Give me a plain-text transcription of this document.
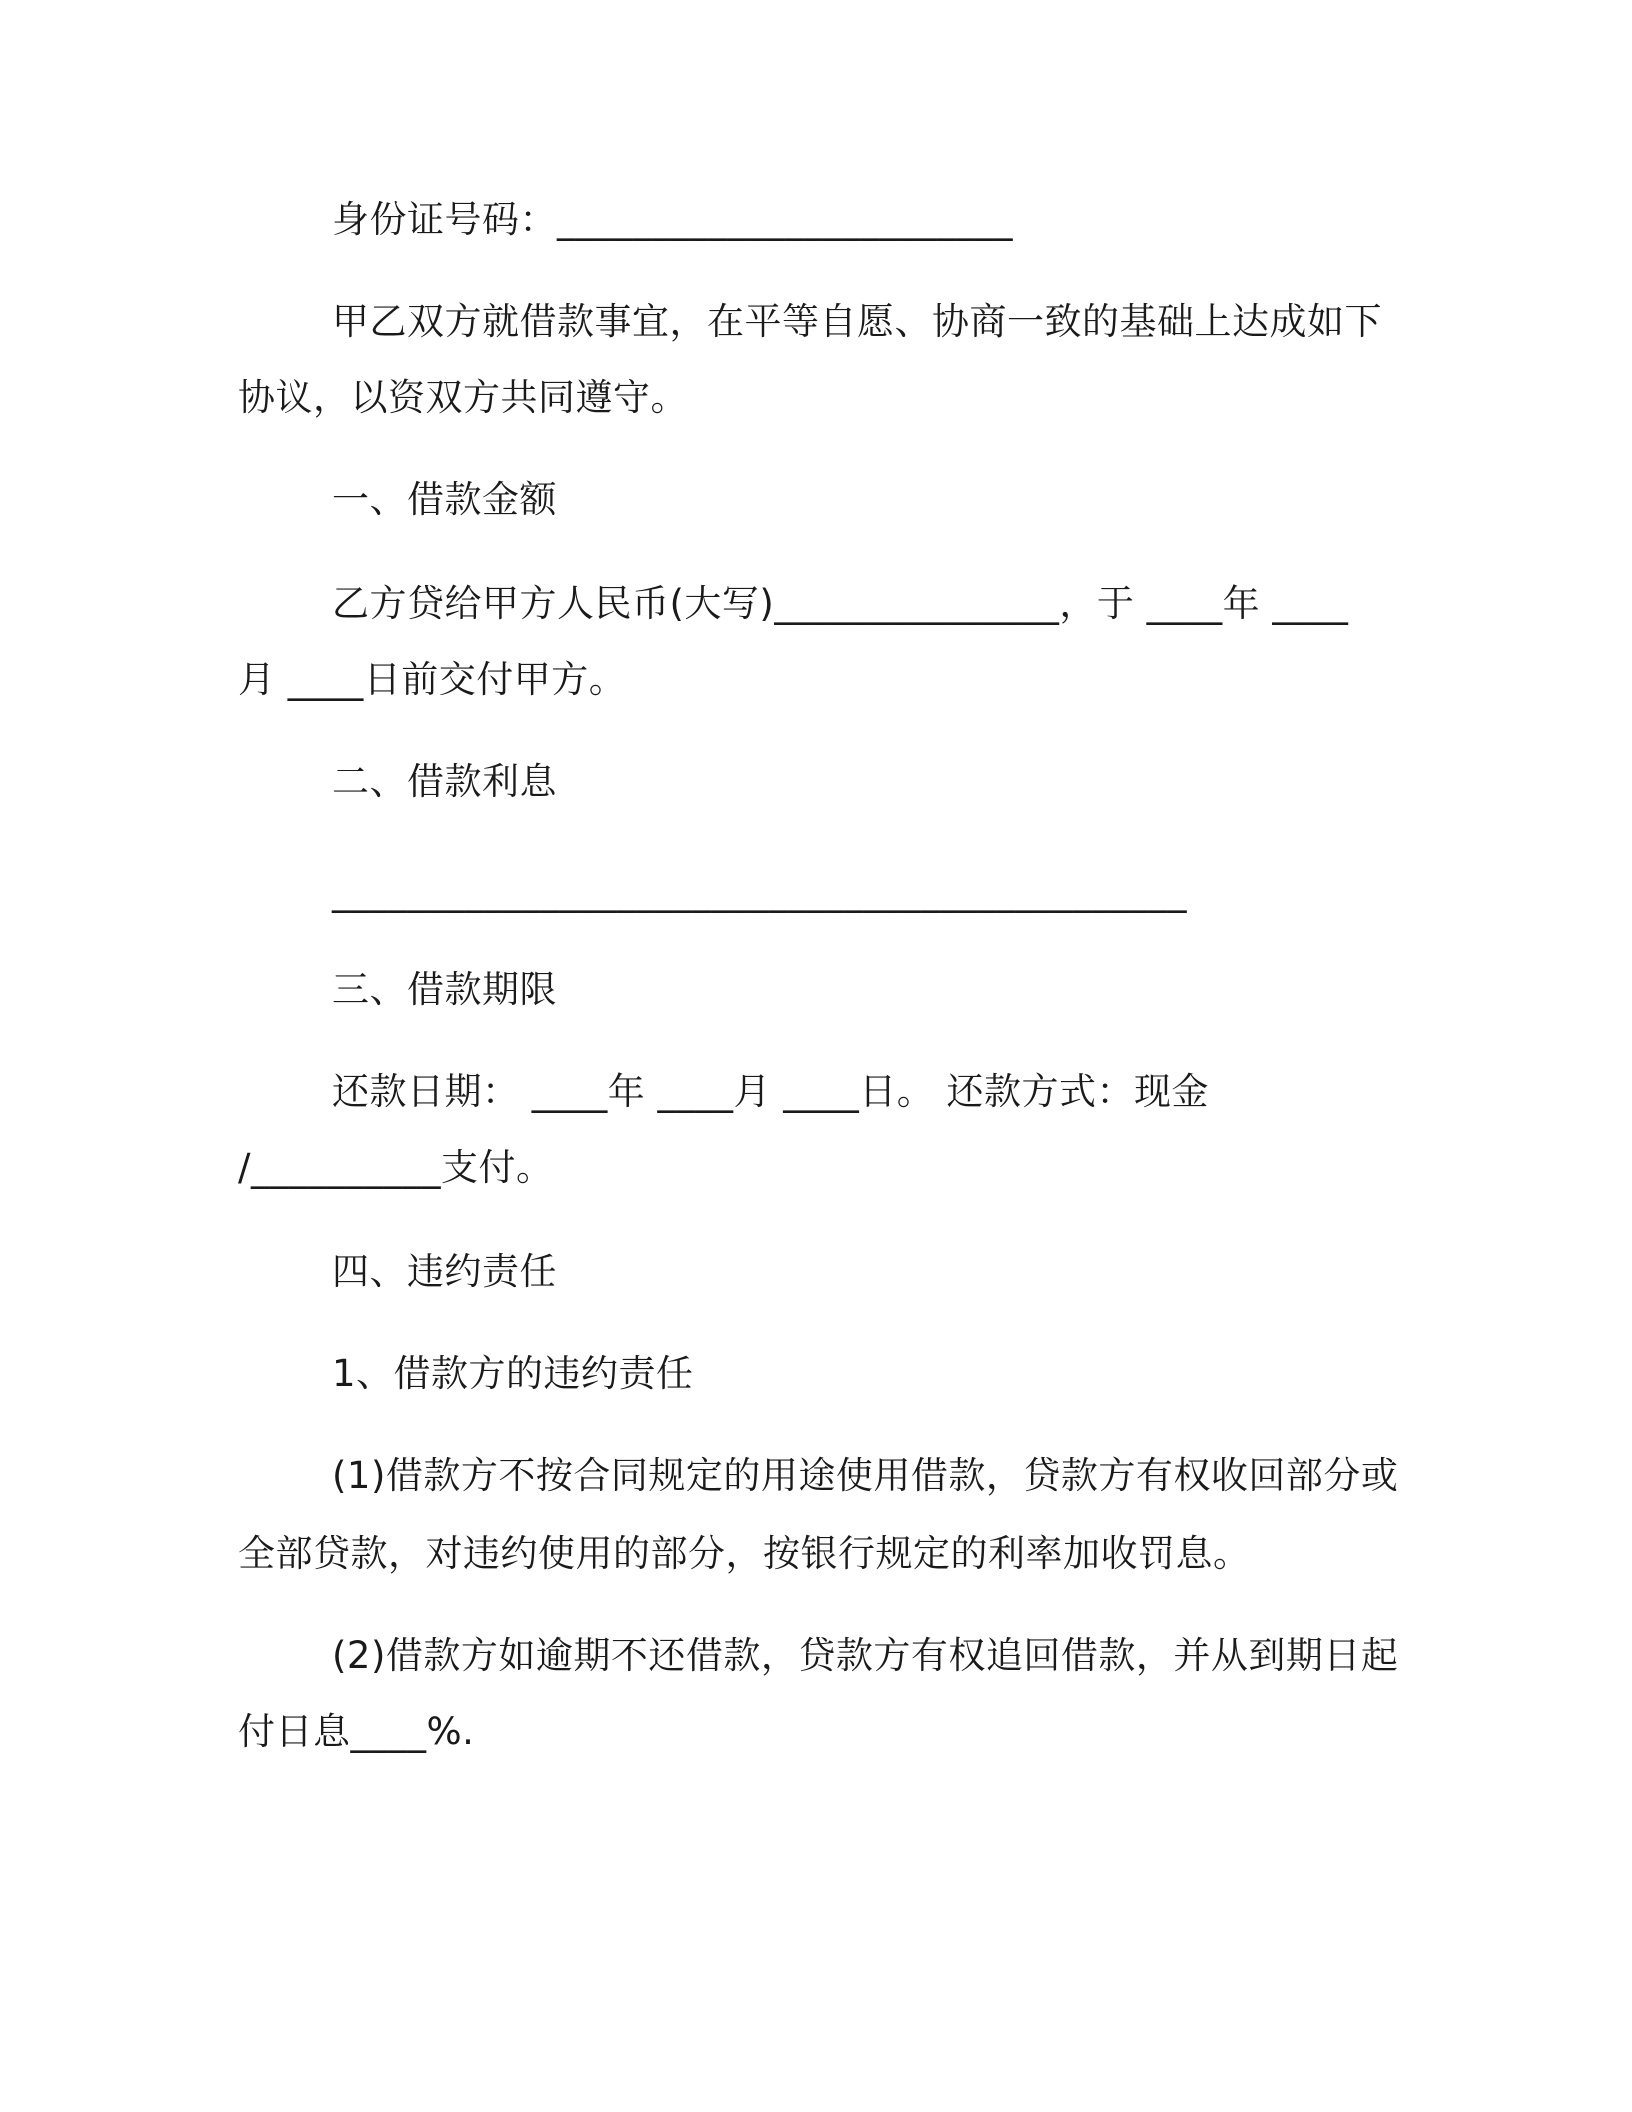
身份证号码：________________________
甲乙双方就借款事宜，在平等自愿、协商一致的基础上达成如下
协议，以资双方共同遵守。
一、借款金额
乙方贷给甲方人民币(大写)_______________，于 ____年 ____
月 ____日前交付甲方。
二、借款利息
_____________________________________________
三、借款期限
还款日期： ____年 ____月 ____日。 还款方式：现金
/__________支付。
四、违约责任
1、借款方的违约责任
(1)借款方不按合同规定的用途使用借款，贷款方有权收回部分或
全部贷款，对违约使用的部分，按银行规定的利率加收罚息。
(2)借款方如逾期不还借款，贷款方有权追回借款，并从到期日起
付日息____%.
